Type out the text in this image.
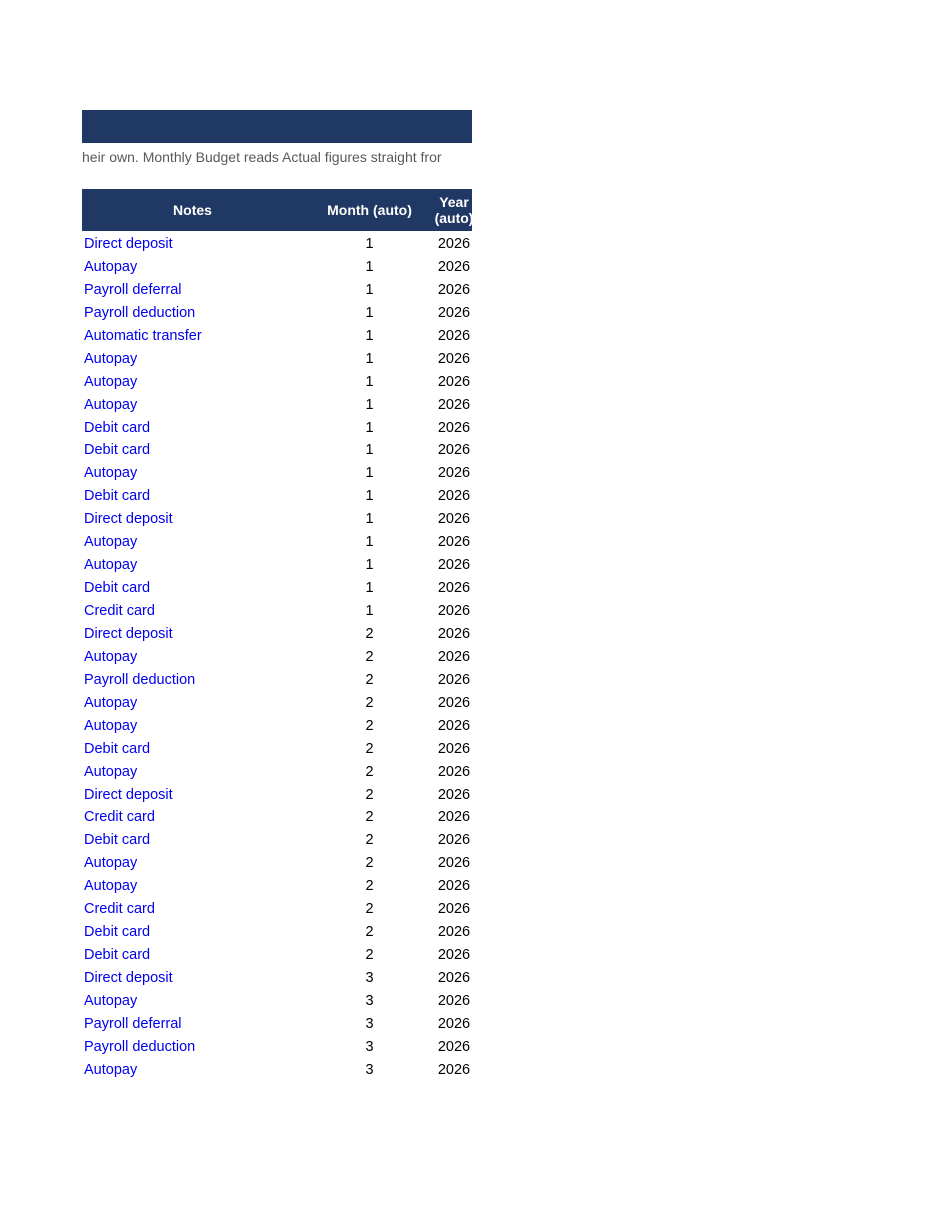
heir own. Monthly Budget reads Actual figures straight fror
Notes	Month (auto)	Year (auto)
Direct deposit	1	2026
Autopay	1	2026
Payroll deferral	1	2026
Payroll deduction	1	2026
Automatic transfer	1	2026
Autopay	1	2026
Autopay	1	2026
Autopay	1	2026
Debit card	1	2026
Debit card	1	2026
Autopay	1	2026
Debit card	1	2026
Direct deposit	1	2026
Autopay	1	2026
Autopay	1	2026
Debit card	1	2026
Credit card	1	2026
Direct deposit	2	2026
Autopay	2	2026
Payroll deduction	2	2026
Autopay	2	2026
Autopay	2	2026
Debit card	2	2026
Autopay	2	2026
Direct deposit	2	2026
Credit card	2	2026
Debit card	2	2026
Autopay	2	2026
Autopay	2	2026
Credit card	2	2026
Debit card	2	2026
Debit card	2	2026
Direct deposit	3	2026
Autopay	3	2026
Payroll deferral	3	2026
Payroll deduction	3	2026
Autopay	3	2026
